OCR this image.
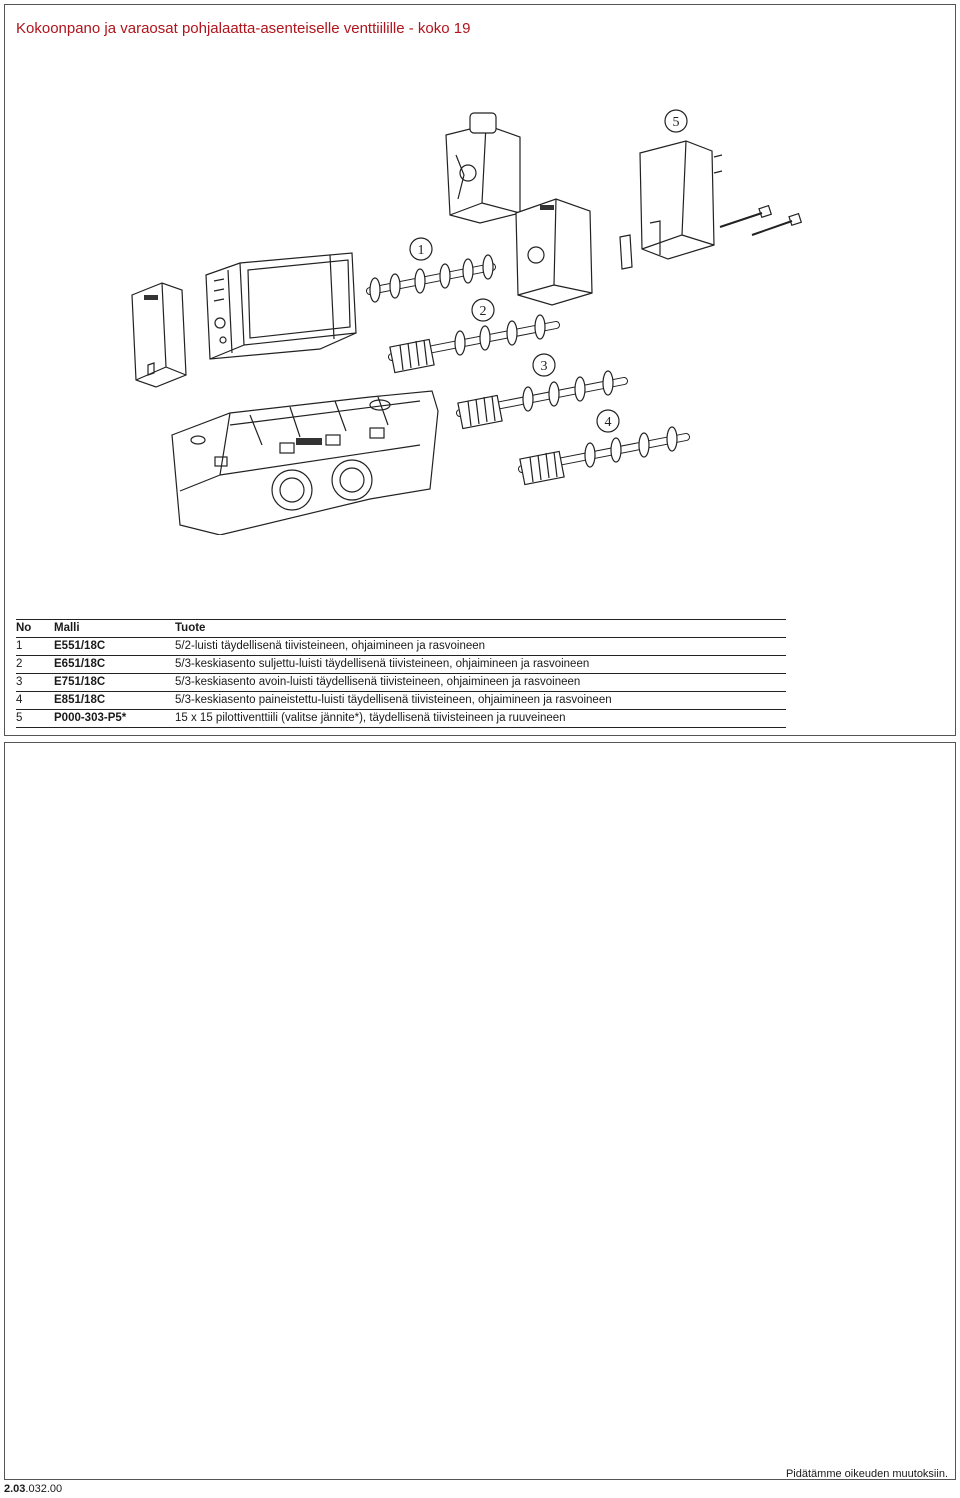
Kokoonpano ja varaosat pohjalaatta-asenteiselle venttiilille - koko 19
1
2
3
4
5
No	Malli	Tuote
1	E551/18C	5/2-luisti täydellisenä tiivisteineen, ohjaimineen ja rasvoineen
2	E651/18C	5/3-keskiasento suljettu-luisti täydellisenä tiivisteineen, ohjaimineen ja rasvoineen
3	E751/18C	5/3-keskiasento avoin-luisti täydellisenä tiivisteineen, ohjaimineen ja rasvoineen
4	E851/18C	5/3-keskiasento paineistettu-luisti täydellisenä tiivisteineen, ohjaimineen ja rasvoineen
5	P000-303-P5*	15 x 15 pilottiventtiili (valitse jännite*), täydellisenä tiivisteineen ja ruuveineen
2.03.032.00
Pidätämme oikeuden muutoksiin.
